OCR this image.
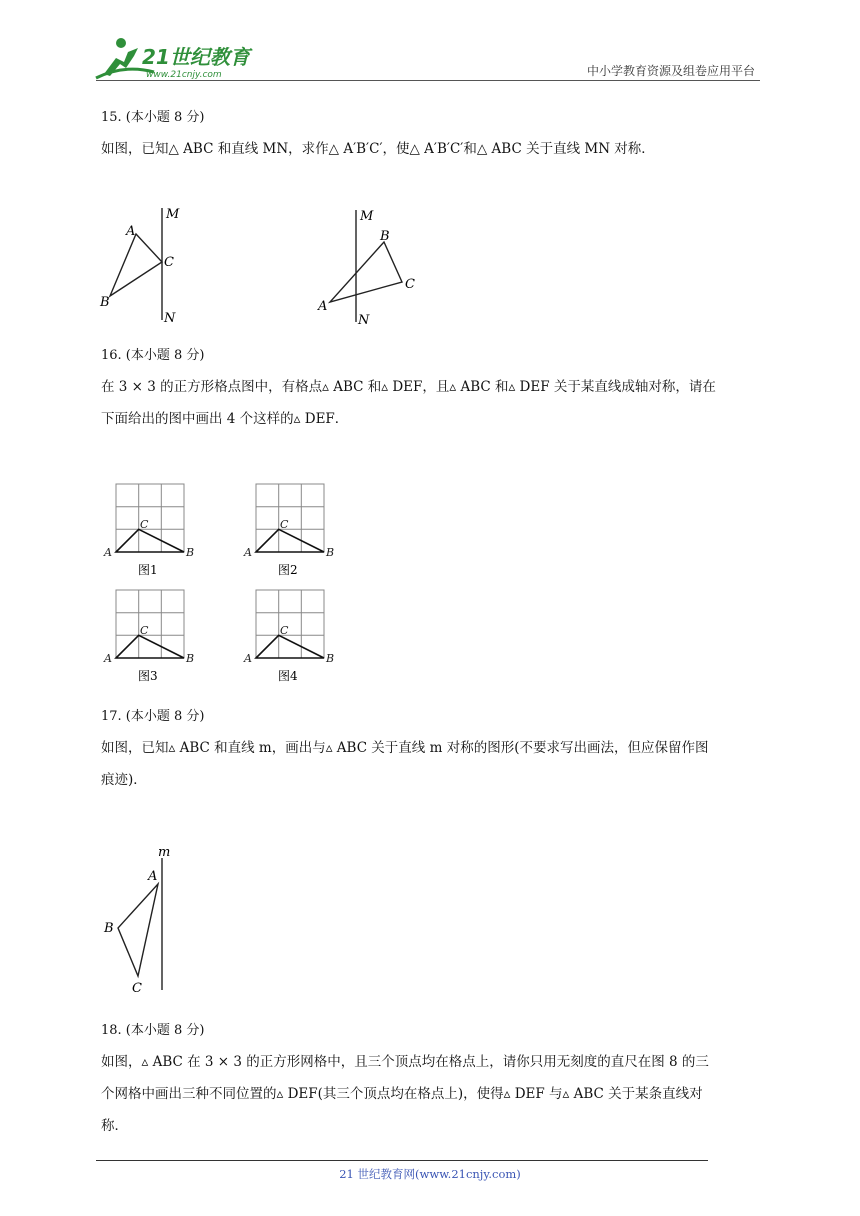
21世纪教育
www.21cnjy.com	中小学教育资源及组卷应用平台
15. (本小题 8 分)
如图，已知△ ABC 和直线 MN，求作△ A′B′C′，使△ A′B′C′和△ ABC 关于直线 MN 对称．
A
C
B
M
N
B
C
A
M
N
16. (本小题 8 分)
在 3 × 3 的正方形格点图中，有格点▵ ABC 和▵ DEF，且▵ ABC 和▵ DEF 关于某直线成轴对称，请在
下面给出的图中画出 4 个这样的▵ DEF．
图1	图2
图3	图4
17. (本小题 8 分)
如图，已知▵ ABC 和直线 m，画出与▵ ABC 关于直线 m 对称的图形(不要求写出画法，但应保留作图
痕迹)．
m
A
B
C
18. (本小题 8 分)
如图，▵ ABC 在 3 × 3 的正方形网格中，且三个顶点均在格点上，请你只用无刻度的直尺在图 8 的三
个网格中画出三种不同位置的▵ DEF(其三个顶点均在格点上)，使得▵ DEF 与▵ ABC 关于某条直线对
称．
21 世纪教育网(www.21cnjy.com)
